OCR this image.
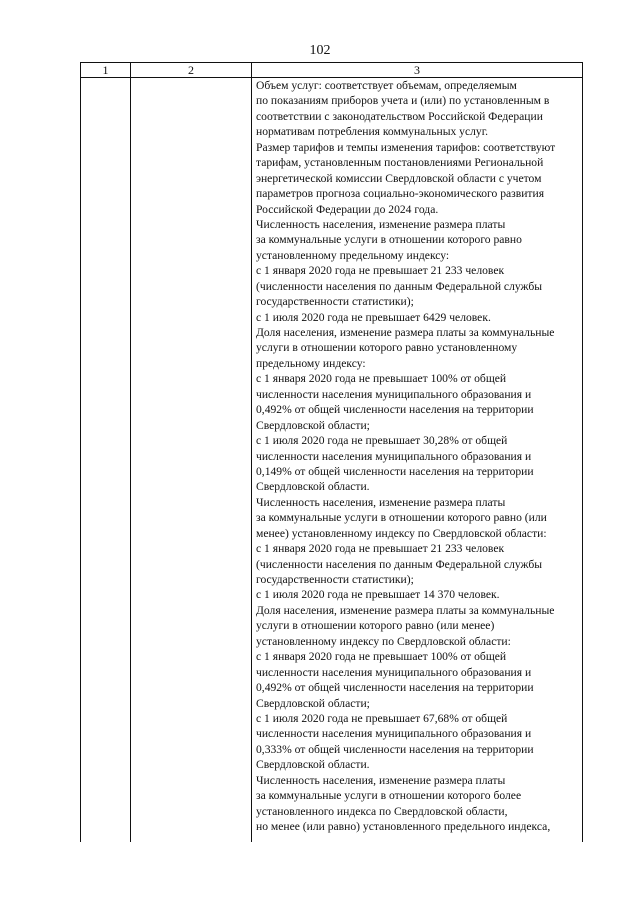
102
1	2	3
Объем услуг: соответствует объемам, определяемым
по показаниям приборов учета и (или) по установленным в
соответствии с законодательством Российской Федерации
нормативам потребления коммунальных услуг.
Размер тарифов и темпы изменения тарифов: соответствуют
тарифам, установленным постановлениями Региональной
энергетической комиссии Свердловской области с учетом
параметров прогноза социально-экономического развития
Российской Федерации до 2024 года.
Численность населения, изменение размера платы
за коммунальные услуги в отношении которого равно
установленному предельному индексу:
с 1 января 2020 года не превышает 21 233 человек
(численности населения по данным Федеральной службы
государственности статистики);
с 1 июля 2020 года не превышает 6429 человек.
Доля населения, изменение размера платы за коммунальные
услуги в отношении которого равно установленному
предельному индексу:
с 1 января 2020 года не превышает 100% от общей
численности населения муниципального образования и
0,492% от общей численности населения на территории
Свердловской области;
с 1 июля 2020 года не превышает 30,28% от общей
численности населения муниципального образования и
0,149% от общей численности населения на территории
Свердловской области.
Численность населения, изменение размера платы
за коммунальные услуги в отношении которого равно (или
менее) установленному индексу по Свердловской области:
с 1 января 2020 года не превышает 21 233 человек
(численности населения по данным Федеральной службы
государственности статистики);
с 1 июля 2020 года не превышает 14 370 человек.
Доля населения, изменение размера платы за коммунальные
услуги в отношении которого равно (или менее)
установленному индексу по Свердловской области:
с 1 января 2020 года не превышает 100% от общей
численности населения муниципального образования и
0,492% от общей численности населения на территории
Свердловской области;
с 1 июля 2020 года не превышает 67,68% от общей
численности населения муниципального образования и
0,333% от общей численности населения на территории
Свердловской области.
Численность населения, изменение размера платы
за коммунальные услуги в отношении которого более
установленного индекса по Свердловской области,
но менее (или равно) установленного предельного индекса,
